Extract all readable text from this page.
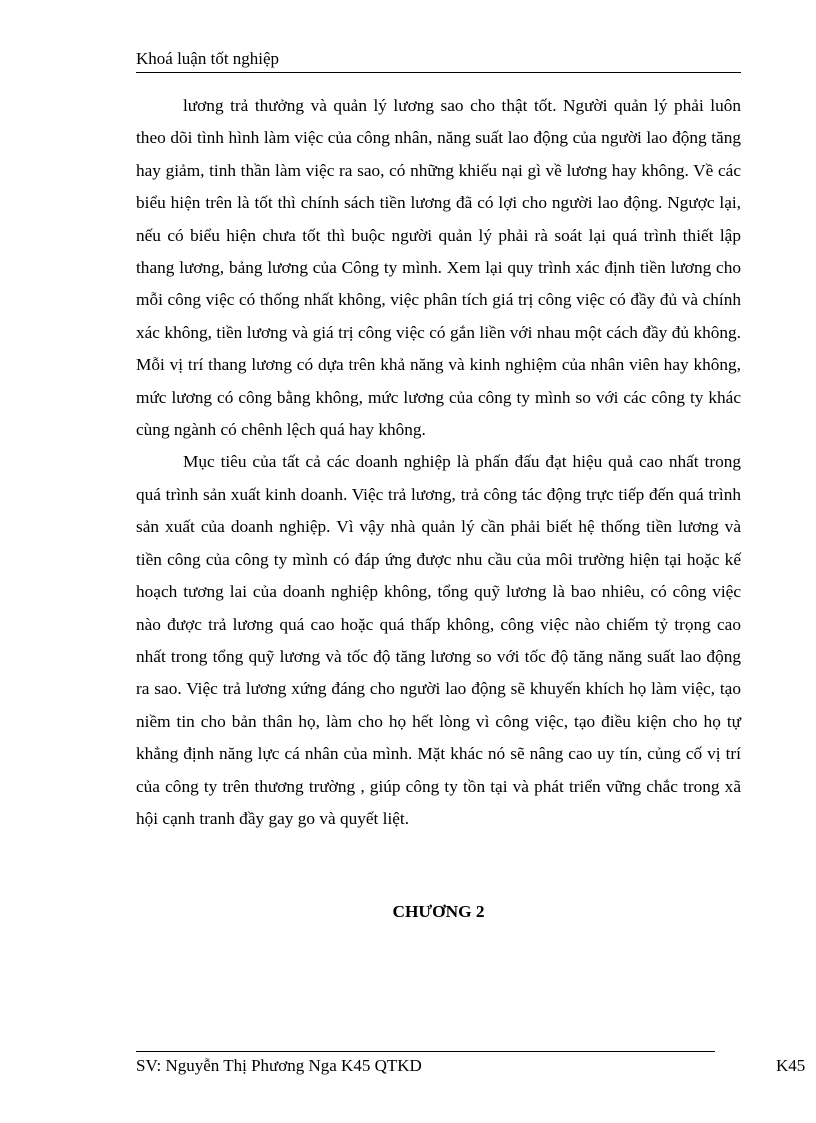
Khoá luận tốt nghiệp

lương trả thưởng và quản lý lương sao cho thật tốt. Người quản lý phải luôn theo dõi tình hình làm việc của công nhân, năng suất lao động của người lao động tăng hay giảm, tinh thần làm việc ra sao, có những khiếu nại gì về lương hay không. Về các biểu hiện trên là tốt thì chính sách tiền lương đã có lợi cho người lao động. Ngược lại, nếu có biểu hiện chưa tốt thì buộc người quản lý phải rà soát lại quá trình thiết lập thang lương, bảng lương của Công ty mình. Xem lại quy trình xác định tiền lương cho mỗi công việc có thống nhất không, việc phân tích giá trị công việc có đầy đủ và chính xác không, tiền lương và giá trị công việc có gắn liền với nhau một cách đầy đủ không. Mỗi vị trí thang lương có dựa trên khả năng và kinh nghiệm của nhân viên hay không, mức lương có công bằng không, mức lương của công ty mình so với các công ty khác cùng ngành có chênh lệch quá hay không.

Mục tiêu của tất cả các doanh nghiệp là phấn đấu đạt hiệu quả cao nhất trong quá trình sản xuất kinh doanh. Việc trả lương, trả công tác động trực tiếp đến quá trình sản xuất của doanh nghiệp. Vì vậy nhà quản lý cần phải biết hệ thống tiền lương và tiền công của công ty mình có đáp ứng được nhu cầu của môi trường hiện tại hoặc kế hoạch tương lai của doanh nghiệp không, tổng quỹ lương là bao nhiêu, có công việc nào được trả lương quá cao hoặc quá thấp không, công việc nào chiếm tỷ trọng cao nhất trong tổng quỹ lương và tốc độ tăng lương so với tốc độ tăng năng suất lao động ra sao. Việc trả lương xứng đáng cho người lao động sẽ khuyến khích họ làm việc, tạo niềm tin cho bản thân họ, làm cho họ hết lòng vì công việc, tạo điều kiện cho họ tự khẳng định năng lực cá nhân của mình. Mặt khác nó sẽ nâng cao uy tín, củng cố vị trí của công ty trên thương trường , giúp công ty tồn tại và phát triển vững chắc trong xã hội cạnh tranh đầy gay go và quyết liệt.

CHƯƠNG 2
SV: Nguyễn Thị Phương Nga K45 QTKD	K45
